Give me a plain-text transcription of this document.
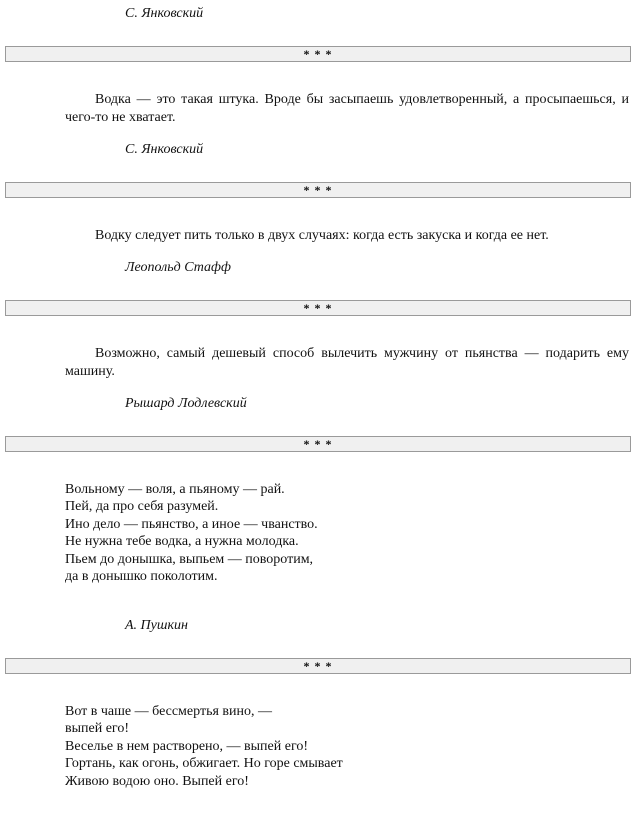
С. Янковский
* * *
Водка — это такая штука. Вроде бы засыпаешь удовлетворенный, а просыпаешься, и чего-то не хватает.
С. Янковский
* * *
Водку следует пить только в двух случаях: когда есть закуска и когда ее нет.
Леопольд Стафф
* * *
Возможно, самый дешевый способ вылечить мужчину от пьянства — подарить ему машину.
Рышард Лодлевский
* * *
Вольному — воля, а пьяному — рай.
Пей, да про себя разумей.
Ино дело — пьянство, а иное — чванство.
Не нужна тебе водка, а нужна молодка.
Пьем до донышка, выпьем — поворотим,
да в донышко поколотим.
А. Пушкин
* * *
Вот в чаше — бессмертья вино, —
выпей его!
Веселье в нем растворено, — выпей его!
Гортань, как огонь, обжигает. Но горе смывает
Живою водою оно. Выпей его!
